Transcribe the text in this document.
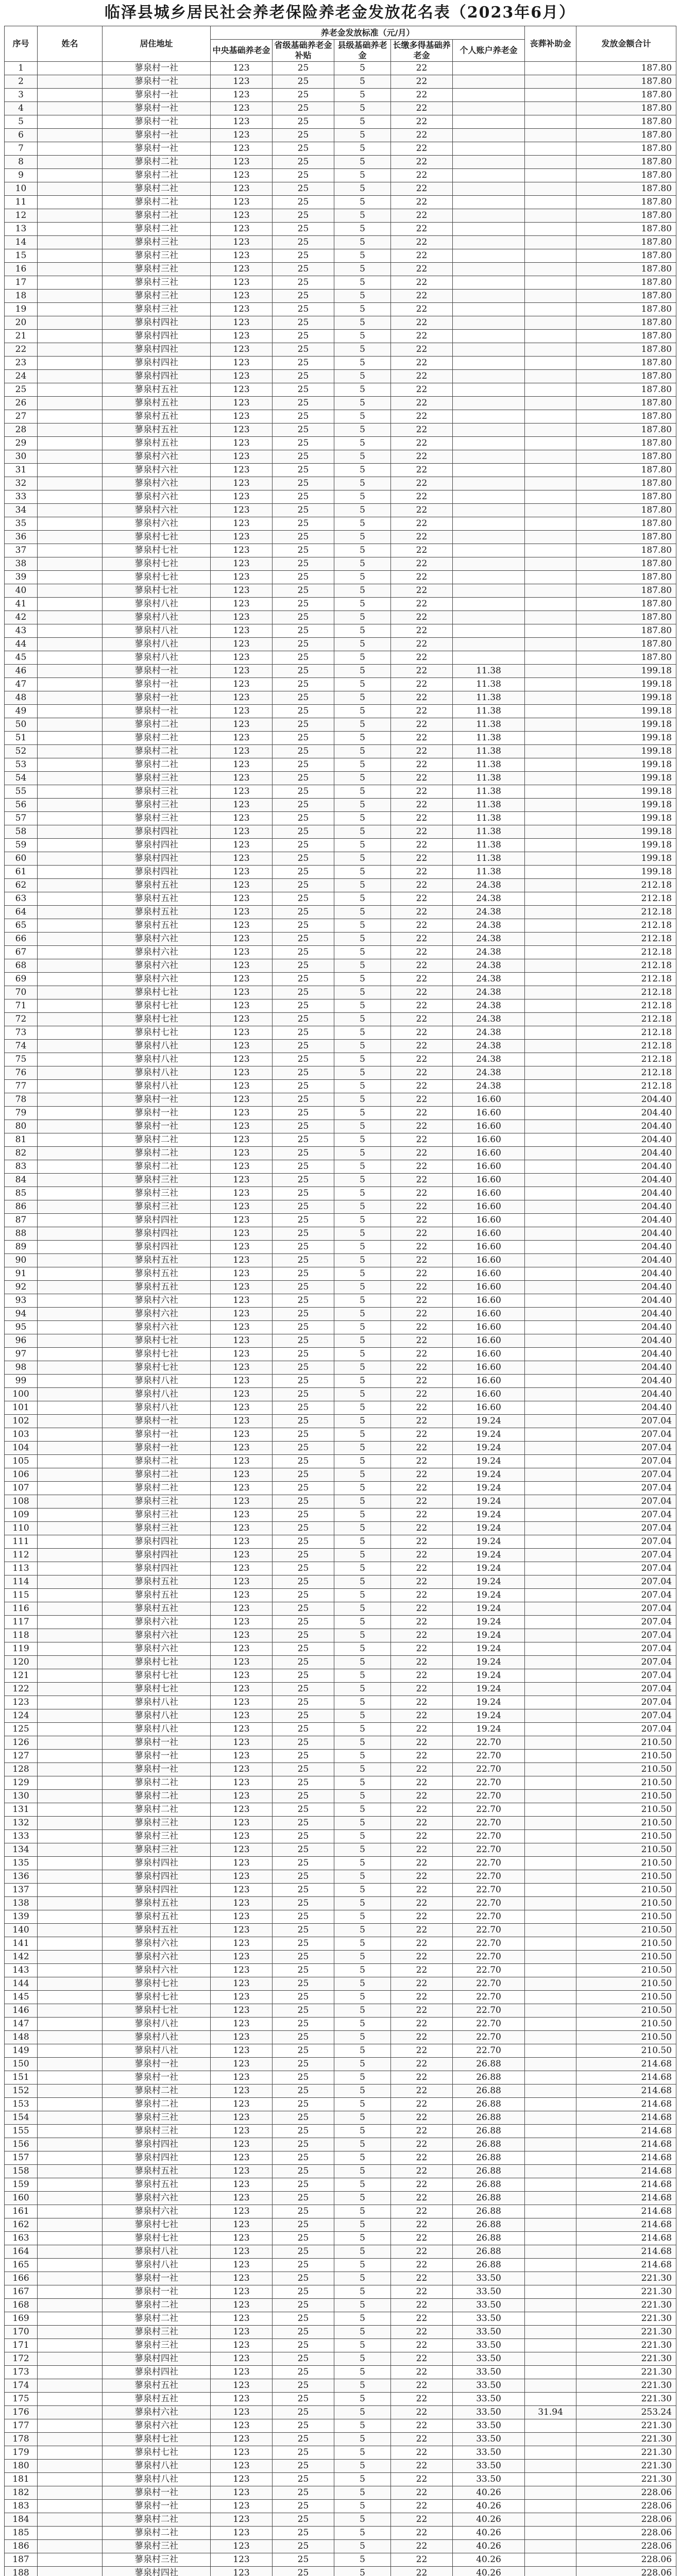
临泽县城乡居民社会养老保险养老金发放花名表（2023年6月）
序号	姓名	居住地址	养老金发放标准（元/月）					丧葬补助金	发放金额合计
			中央基础养老金	省级基础养老金补贴	县级基础养老金	长缴多得基础养老金	个人账户养老金		
1		蓼泉村一社	123	25	5	22			187.80
2		蓼泉村一社	123	25	5	22			187.80
3		蓼泉村一社	123	25	5	22			187.80
4		蓼泉村一社	123	25	5	22			187.80
5		蓼泉村一社	123	25	5	22			187.80
6		蓼泉村一社	123	25	5	22			187.80
7		蓼泉村一社	123	25	5	22			187.80
8		蓼泉村二社	123	25	5	22			187.80
9		蓼泉村二社	123	25	5	22			187.80
10		蓼泉村二社	123	25	5	22			187.80
11		蓼泉村二社	123	25	5	22			187.80
12		蓼泉村二社	123	25	5	22			187.80
13		蓼泉村二社	123	25	5	22			187.80
14		蓼泉村三社	123	25	5	22			187.80
15		蓼泉村三社	123	25	5	22			187.80
16		蓼泉村三社	123	25	5	22			187.80
17		蓼泉村三社	123	25	5	22			187.80
18		蓼泉村三社	123	25	5	22			187.80
19		蓼泉村三社	123	25	5	22			187.80
20		蓼泉村四社	123	25	5	22			187.80
21		蓼泉村四社	123	25	5	22			187.80
22		蓼泉村四社	123	25	5	22			187.80
23		蓼泉村四社	123	25	5	22			187.80
24		蓼泉村四社	123	25	5	22			187.80
25		蓼泉村五社	123	25	5	22			187.80
26		蓼泉村五社	123	25	5	22			187.80
27		蓼泉村五社	123	25	5	22			187.80
28		蓼泉村五社	123	25	5	22			187.80
29		蓼泉村五社	123	25	5	22			187.80
30		蓼泉村六社	123	25	5	22			187.80
31		蓼泉村六社	123	25	5	22			187.80
32		蓼泉村六社	123	25	5	22			187.80
33		蓼泉村六社	123	25	5	22			187.80
34		蓼泉村六社	123	25	5	22			187.80
35		蓼泉村六社	123	25	5	22			187.80
36		蓼泉村七社	123	25	5	22			187.80
37		蓼泉村七社	123	25	5	22			187.80
38		蓼泉村七社	123	25	5	22			187.80
39		蓼泉村七社	123	25	5	22			187.80
40		蓼泉村七社	123	25	5	22			187.80
41		蓼泉村八社	123	25	5	22			187.80
42		蓼泉村八社	123	25	5	22			187.80
43		蓼泉村八社	123	25	5	22			187.80
44		蓼泉村八社	123	25	5	22			187.80
45		蓼泉村八社	123	25	5	22			187.80
46		蓼泉村一社	123	25	5	22	11.38		199.18
47		蓼泉村一社	123	25	5	22	11.38		199.18
48		蓼泉村一社	123	25	5	22	11.38		199.18
49		蓼泉村一社	123	25	5	22	11.38		199.18
50		蓼泉村二社	123	25	5	22	11.38		199.18
51		蓼泉村二社	123	25	5	22	11.38		199.18
52		蓼泉村二社	123	25	5	22	11.38		199.18
53		蓼泉村二社	123	25	5	22	11.38		199.18
54		蓼泉村三社	123	25	5	22	11.38		199.18
55		蓼泉村三社	123	25	5	22	11.38		199.18
56		蓼泉村三社	123	25	5	22	11.38		199.18
57		蓼泉村三社	123	25	5	22	11.38		199.18
58		蓼泉村四社	123	25	5	22	11.38		199.18
59		蓼泉村四社	123	25	5	22	11.38		199.18
60		蓼泉村四社	123	25	5	22	11.38		199.18
61		蓼泉村四社	123	25	5	22	11.38		199.18
62		蓼泉村五社	123	25	5	22	24.38		212.18
63		蓼泉村五社	123	25	5	22	24.38		212.18
64		蓼泉村五社	123	25	5	22	24.38		212.18
65		蓼泉村五社	123	25	5	22	24.38		212.18
66		蓼泉村六社	123	25	5	22	24.38		212.18
67		蓼泉村六社	123	25	5	22	24.38		212.18
68		蓼泉村六社	123	25	5	22	24.38		212.18
69		蓼泉村六社	123	25	5	22	24.38		212.18
70		蓼泉村七社	123	25	5	22	24.38		212.18
71		蓼泉村七社	123	25	5	22	24.38		212.18
72		蓼泉村七社	123	25	5	22	24.38		212.18
73		蓼泉村七社	123	25	5	22	24.38		212.18
74		蓼泉村八社	123	25	5	22	24.38		212.18
75		蓼泉村八社	123	25	5	22	24.38		212.18
76		蓼泉村八社	123	25	5	22	24.38		212.18
77		蓼泉村八社	123	25	5	22	24.38		212.18
78		蓼泉村一社	123	25	5	22	16.60		204.40
79		蓼泉村一社	123	25	5	22	16.60		204.40
80		蓼泉村一社	123	25	5	22	16.60		204.40
81		蓼泉村二社	123	25	5	22	16.60		204.40
82		蓼泉村二社	123	25	5	22	16.60		204.40
83		蓼泉村二社	123	25	5	22	16.60		204.40
84		蓼泉村三社	123	25	5	22	16.60		204.40
85		蓼泉村三社	123	25	5	22	16.60		204.40
86		蓼泉村三社	123	25	5	22	16.60		204.40
87		蓼泉村四社	123	25	5	22	16.60		204.40
88		蓼泉村四社	123	25	5	22	16.60		204.40
89		蓼泉村四社	123	25	5	22	16.60		204.40
90		蓼泉村五社	123	25	5	22	16.60		204.40
91		蓼泉村五社	123	25	5	22	16.60		204.40
92		蓼泉村五社	123	25	5	22	16.60		204.40
93		蓼泉村六社	123	25	5	22	16.60		204.40
94		蓼泉村六社	123	25	5	22	16.60		204.40
95		蓼泉村六社	123	25	5	22	16.60		204.40
96		蓼泉村七社	123	25	5	22	16.60		204.40
97		蓼泉村七社	123	25	5	22	16.60		204.40
98		蓼泉村七社	123	25	5	22	16.60		204.40
99		蓼泉村八社	123	25	5	22	16.60		204.40
100		蓼泉村八社	123	25	5	22	16.60		204.40
101		蓼泉村八社	123	25	5	22	16.60		204.40
102		蓼泉村一社	123	25	5	22	19.24		207.04
103		蓼泉村一社	123	25	5	22	19.24		207.04
104		蓼泉村一社	123	25	5	22	19.24		207.04
105		蓼泉村二社	123	25	5	22	19.24		207.04
106		蓼泉村二社	123	25	5	22	19.24		207.04
107		蓼泉村二社	123	25	5	22	19.24		207.04
108		蓼泉村三社	123	25	5	22	19.24		207.04
109		蓼泉村三社	123	25	5	22	19.24		207.04
110		蓼泉村三社	123	25	5	22	19.24		207.04
111		蓼泉村四社	123	25	5	22	19.24		207.04
112		蓼泉村四社	123	25	5	22	19.24		207.04
113		蓼泉村四社	123	25	5	22	19.24		207.04
114		蓼泉村五社	123	25	5	22	19.24		207.04
115		蓼泉村五社	123	25	5	22	19.24		207.04
116		蓼泉村五社	123	25	5	22	19.24		207.04
117		蓼泉村六社	123	25	5	22	19.24		207.04
118		蓼泉村六社	123	25	5	22	19.24		207.04
119		蓼泉村六社	123	25	5	22	19.24		207.04
120		蓼泉村七社	123	25	5	22	19.24		207.04
121		蓼泉村七社	123	25	5	22	19.24		207.04
122		蓼泉村七社	123	25	5	22	19.24		207.04
123		蓼泉村八社	123	25	5	22	19.24		207.04
124		蓼泉村八社	123	25	5	22	19.24		207.04
125		蓼泉村八社	123	25	5	22	19.24		207.04
126		蓼泉村一社	123	25	5	22	22.70		210.50
127		蓼泉村一社	123	25	5	22	22.70		210.50
128		蓼泉村一社	123	25	5	22	22.70		210.50
129		蓼泉村二社	123	25	5	22	22.70		210.50
130		蓼泉村二社	123	25	5	22	22.70		210.50
131		蓼泉村二社	123	25	5	22	22.70		210.50
132		蓼泉村三社	123	25	5	22	22.70		210.50
133		蓼泉村三社	123	25	5	22	22.70		210.50
134		蓼泉村三社	123	25	5	22	22.70		210.50
135		蓼泉村四社	123	25	5	22	22.70		210.50
136		蓼泉村四社	123	25	5	22	22.70		210.50
137		蓼泉村四社	123	25	5	22	22.70		210.50
138		蓼泉村五社	123	25	5	22	22.70		210.50
139		蓼泉村五社	123	25	5	22	22.70		210.50
140		蓼泉村五社	123	25	5	22	22.70		210.50
141		蓼泉村六社	123	25	5	22	22.70		210.50
142		蓼泉村六社	123	25	5	22	22.70		210.50
143		蓼泉村六社	123	25	5	22	22.70		210.50
144		蓼泉村七社	123	25	5	22	22.70		210.50
145		蓼泉村七社	123	25	5	22	22.70		210.50
146		蓼泉村七社	123	25	5	22	22.70		210.50
147		蓼泉村八社	123	25	5	22	22.70		210.50
148		蓼泉村八社	123	25	5	22	22.70		210.50
149		蓼泉村八社	123	25	5	22	22.70		210.50
150		蓼泉村一社	123	25	5	22	26.88		214.68
151		蓼泉村一社	123	25	5	22	26.88		214.68
152		蓼泉村二社	123	25	5	22	26.88		214.68
153		蓼泉村二社	123	25	5	22	26.88		214.68
154		蓼泉村三社	123	25	5	22	26.88		214.68
155		蓼泉村三社	123	25	5	22	26.88		214.68
156		蓼泉村四社	123	25	5	22	26.88		214.68
157		蓼泉村四社	123	25	5	22	26.88		214.68
158		蓼泉村五社	123	25	5	22	26.88		214.68
159		蓼泉村五社	123	25	5	22	26.88		214.68
160		蓼泉村六社	123	25	5	22	26.88		214.68
161		蓼泉村六社	123	25	5	22	26.88		214.68
162		蓼泉村七社	123	25	5	22	26.88		214.68
163		蓼泉村七社	123	25	5	22	26.88		214.68
164		蓼泉村八社	123	25	5	22	26.88		214.68
165		蓼泉村八社	123	25	5	22	26.88		214.68
166		蓼泉村一社	123	25	5	22	33.50		221.30
167		蓼泉村一社	123	25	5	22	33.50		221.30
168		蓼泉村二社	123	25	5	22	33.50		221.30
169		蓼泉村二社	123	25	5	22	33.50		221.30
170		蓼泉村三社	123	25	5	22	33.50		221.30
171		蓼泉村三社	123	25	5	22	33.50		221.30
172		蓼泉村四社	123	25	5	22	33.50		221.30
173		蓼泉村四社	123	25	5	22	33.50		221.30
174		蓼泉村五社	123	25	5	22	33.50		221.30
175		蓼泉村五社	123	25	5	22	33.50		221.30
176		蓼泉村六社	123	25	5	22	33.50	31.94	253.24
177		蓼泉村六社	123	25	5	22	33.50		221.30
178		蓼泉村七社	123	25	5	22	33.50		221.30
179		蓼泉村七社	123	25	5	22	33.50		221.30
180		蓼泉村八社	123	25	5	22	33.50		221.30
181		蓼泉村八社	123	25	5	22	33.50		221.30
182		蓼泉村一社	123	25	5	22	40.26		228.06
183		蓼泉村一社	123	25	5	22	40.26		228.06
184		蓼泉村二社	123	25	5	22	40.26		228.06
185		蓼泉村二社	123	25	5	22	40.26		228.06
186		蓼泉村三社	123	25	5	22	40.26		228.06
187		蓼泉村三社	123	25	5	22	40.26		228.06
188		蓼泉村四社	123	25	5	22	40.26		228.06
